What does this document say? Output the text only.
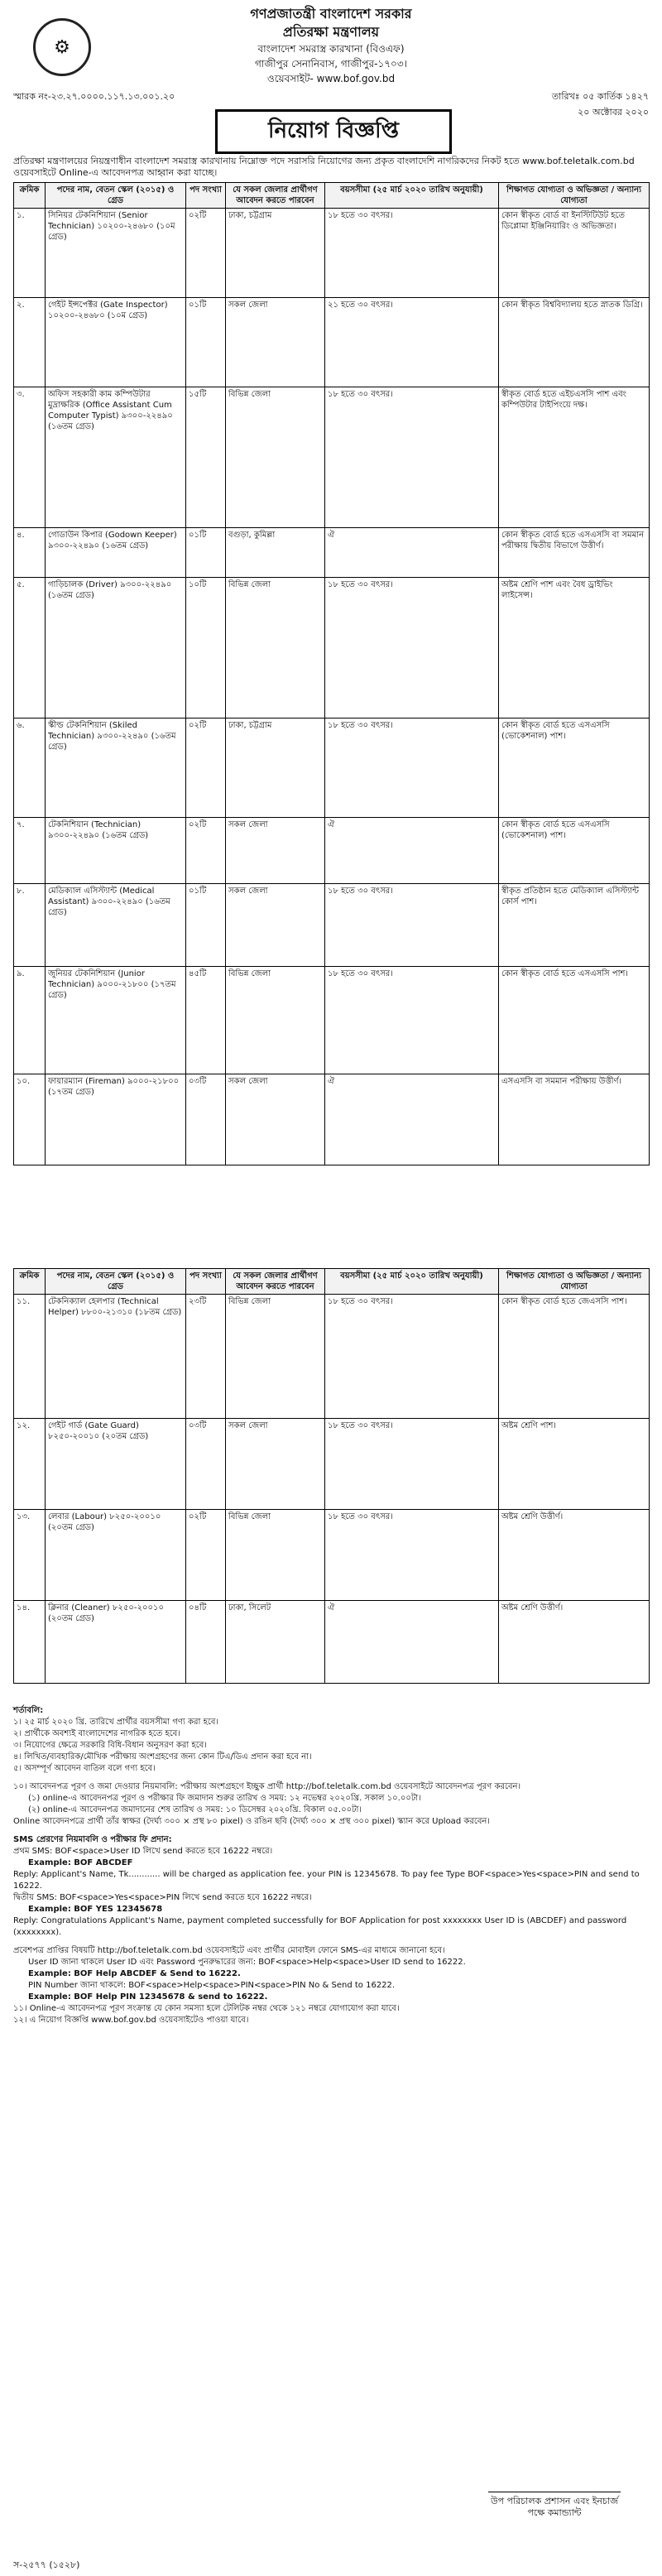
⚙
গণপ্রজাতন্ত্রী বাংলাদেশ সরকার
প্রতিরক্ষা মন্ত্রণালয়
বাংলাদেশ সমরাস্ত্র কারখানা (বিওএফ)
গাজীপুর সেনানিবাস, গাজীপুর-১৭০৩।
ওয়েবসাইট- www.bof.gov.bd
স্মারক নং-২৩.২৭.০০০০.১১৭.১৩.০০১.২০	তারিখঃ ০৫ কার্তিক ১৪২৭
২০ অক্টোবর ২০২০
নিয়োগ বিজ্ঞপ্তি
প্রতিরক্ষা মন্ত্রণালয়ের নিয়ন্ত্রণাধীন বাংলাদেশ সমরাস্ত্র কারখানায় নিম্নোক্ত পদে সরাসরি নিয়োগের জন্য প্রকৃত বাংলাদেশি নাগরিকদের নিকট হতে www.bof.teletalk.com.bd ওয়েবসাইটে Online-এ আবেদনপত্র আহ্বান করা যাচ্ছে।
ক্রমিক	পদের নাম, বেতন স্কেল (২০১৫) ও গ্রেড	পদ সংখ্যা	যে সকল জেলার প্রার্থীগণ আবেদন করতে পারবেন	বয়সসীমা (২৫ মার্চ ২০২০ তারিখ অনুযায়ী)	শিক্ষাগত যোগ্যতা ও অভিজ্ঞতা / অন্যান্য যোগ্যতা
১.	সিনিয়র টেকনিশিয়ান (Senior Technician) ১০২০০-২৪৬৮০ (১০ম গ্রেড)	০২টি	ঢাকা, চট্টগ্রাম	১৮ হতে ৩০ বৎসর।	কোন স্বীকৃত বোর্ড বা ইনস্টিটিউট হতে ডিপ্লোমা ইঞ্জিনিয়ারিং ও অভিজ্ঞতা।
২.	গেইট ইন্সপেক্টর (Gate Inspector) ১০২০০-২৪৬৮০ (১০ম গ্রেড)	০১টি	সকল জেলা	২১ হতে ৩০ বৎসর।	কোন স্বীকৃত বিশ্ববিদ্যালয় হতে স্নাতক ডিগ্রি।
৩.	অফিস সহকারী কাম কম্পিউটার মুদ্রাক্ষরিক (Office Assistant Cum Computer Typist) ৯৩০০-২২৪৯০ (১৬তম গ্রেড)	১৫টি	বিভিন্ন জেলা	১৮ হতে ৩০ বৎসর।	স্বীকৃত বোর্ড হতে এইচএসসি পাশ এবং কম্পিউটার টাইপিংয়ে দক্ষ।
৪.	গোডাউন কিপার (Godown Keeper) ৯৩০০-২২৪৯০ (১৬তম গ্রেড)	০১টি	বগুড়া, কুমিল্লা	ঐ	কোন স্বীকৃত বোর্ড হতে এসএসসি বা সমমান পরীক্ষায় দ্বিতীয় বিভাগে উত্তীর্ণ।
৫.	গাড়িচালক (Driver) ৯৩০০-২২৪৯০ (১৬তম গ্রেড)	১০টি	বিভিন্ন জেলা	১৮ হতে ৩০ বৎসর।	অষ্টম শ্রেণি পাশ এবং বৈধ ড্রাইভিং লাইসেন্স।
৬.	স্কীল্ড টেকনিশিয়ান (Skiled Technician) ৯৩০০-২২৪৯০ (১৬তম গ্রেড)	০২টি	ঢাকা, চট্টগ্রাম	১৮ হতে ৩০ বৎসর।	কোন স্বীকৃত বোর্ড হতে এসএসসি (ভোকেশনাল) পাশ।
৭.	টেকনিশিয়ান (Technician) ৯৩০০-২২৪৯০ (১৬তম গ্রেড)	০২টি	সকল জেলা	ঐ	কোন স্বীকৃত বোর্ড হতে এসএসসি (ভোকেশনাল) পাশ।
৮.	মেডিক্যাল এসিস্ট্যান্ট (Medical Assistant) ৯৩০০-২২৪৯০ (১৬তম গ্রেড)	০১টি	সকল জেলা	১৮ হতে ৩০ বৎসর।	স্বীকৃত প্রতিষ্ঠান হতে মেডিক্যাল এসিস্ট্যান্ট কোর্স পাশ।
৯.	জুনিয়র টেকনিশিয়ান (Junior Technician) ৯০০০-২১৮০০ (১৭তম গ্রেড)	৪৫টি	বিভিন্ন জেলা	১৮ হতে ৩০ বৎসর।	কোন স্বীকৃত বোর্ড হতে এসএসসি পাশ।
১০.	ফায়ারম্যান (Fireman) ৯০০০-২১৮০০ (১৭তম গ্রেড)	০৩টি	সকল জেলা	ঐ	এসএসসি বা সমমান পরীক্ষায় উত্তীর্ণ।
ক্রমিক	পদের নাম, বেতন স্কেল (২০১৫) ও গ্রেড	পদ সংখ্যা	যে সকল জেলার প্রার্থীগণ আবেদন করতে পারবেন	বয়সসীমা (২৫ মার্চ ২০২০ তারিখ অনুযায়ী)	শিক্ষাগত যোগ্যতা ও অভিজ্ঞতা / অন্যান্য যোগ্যতা
১১.	টেকনিক্যাল হেলপার (Technical Helper) ৮৮০০-২১৩১০ (১৮তম গ্রেড)	২৩টি	বিভিন্ন জেলা	১৮ হতে ৩০ বৎসর।	কোন স্বীকৃত বোর্ড হতে জেএসসি পাশ।
১২.	গেইট গার্ড (Gate Guard) ৮২৫০-২০০১০ (২০তম গ্রেড)	০৩টি	সকল জেলা	১৮ হতে ৩০ বৎসর।	অষ্টম শ্রেণি পাশ।
১৩.	লেবার (Labour) ৮২৫০-২০০১০ (২০তম গ্রেড)	০২টি	বিভিন্ন জেলা	১৮ হতে ৩০ বৎসর।	অষ্টম শ্রেণি উত্তীর্ণ।
১৪.	ক্লিনার (Cleaner) ৮২৫০-২০০১০ (২০তম গ্রেড)	০৪টি	ঢাকা, সিলেট	ঐ	অষ্টম শ্রেণি উত্তীর্ণ।
শর্তাবলি:
১। ২৫ মার্চ ২০২০ খ্রি. তারিখে প্রার্থীর বয়সসীমা গণ্য করা হবে।
২। প্রার্থীকে অবশ্যই বাংলাদেশের নাগরিক হতে হবে।
৩। নিয়োগের ক্ষেত্রে সরকারি বিধি-বিধান অনুসরণ করা হবে।
৪। লিখিত/ব্যবহারিক/মৌখিক পরীক্ষায় অংশগ্রহণের জন্য কোন টিএ/ডিএ প্রদান করা হবে না।
৫। অসম্পূর্ণ আবেদন বাতিল বলে গণ্য হবে।
১০। আবেদনপত্র পূরণ ও জমা দেওয়ার নিয়মাবলি: পরীক্ষায় অংশগ্রহণে ইচ্ছুক প্রার্থী http://bof.teletalk.com.bd ওয়েবসাইটে আবেদনপত্র পূরণ করবেন।
(১) online-এ আবেদনপত্র পূরণ ও পরীক্ষার ফি জমাদান শুরুর তারিখ ও সময়: ১২ নভেম্বর ২০২০খ্রি. সকাল ১০.০০টা।
(২) online-এ আবেদনপত্র জমাদানের শেষ তারিখ ও সময়: ১০ ডিসেম্বর ২০২০খ্রি. বিকাল ০৫.০০টা।
Online আবেদনপত্রে প্রার্থী তাঁর স্বাক্ষর (দৈর্ঘ্য ৩০০ × প্রস্থ ৮০ pixel) ও রঙিন ছবি (দৈর্ঘ্য ৩০০ × প্রস্থ ৩০০ pixel) স্ক্যান করে Upload করবেন।
SMS প্রেরণের নিয়মাবলি ও পরীক্ষার ফি প্রদান:
প্রথম SMS: BOF<space>User ID লিখে send করতে হবে 16222 নম্বরে।
Example: BOF ABCDEF
Reply: Applicant's Name, Tk............ will be charged as application fee. your PIN is 12345678. To pay fee Type BOF<space>Yes<space>PIN and send to 16222.
দ্বিতীয় SMS: BOF<space>Yes<space>PIN লিখে send করতে হবে 16222 নম্বরে।
Example: BOF YES 12345678
Reply: Congratulations Applicant's Name, payment completed successfully for BOF Application for post xxxxxxxx User ID is (ABCDEF) and password (xxxxxxxx).
প্রবেশপত্র প্রাপ্তির বিষয়টি http://bof.teletalk.com.bd ওয়েবসাইটে এবং প্রার্থীর মোবাইল ফোনে SMS-এর মাধ্যমে জানানো হবে।
User ID জানা থাকলে User ID এবং Password পুনরুদ্ধারের জন্য: BOF<space>Help<space>User ID send to 16222.
Example: BOF Help ABCDEF & Send to 16222.
PIN Number জানা থাকলে: BOF<space>Help<space>PIN<space>PIN No & Send to 16222.
Example: BOF Help PIN 12345678 & send to 16222.
১১। Online-এ আবেদনপত্র পূরণ সংক্রান্ত যে কোন সমস্যা হলে টেলিটক নম্বর থেকে ১২১ নম্বরে যোগাযোগ করা যাবে।
১২। এ নিয়োগ বিজ্ঞপ্তি www.bof.gov.bd ওয়েবসাইটেও পাওয়া যাবে।
উপ পরিচালক প্রশাসন এবং ইনচার্জ
পক্ষে কমান্ড্যান্ট
স-২৫৭৭ (১৫২৮)
